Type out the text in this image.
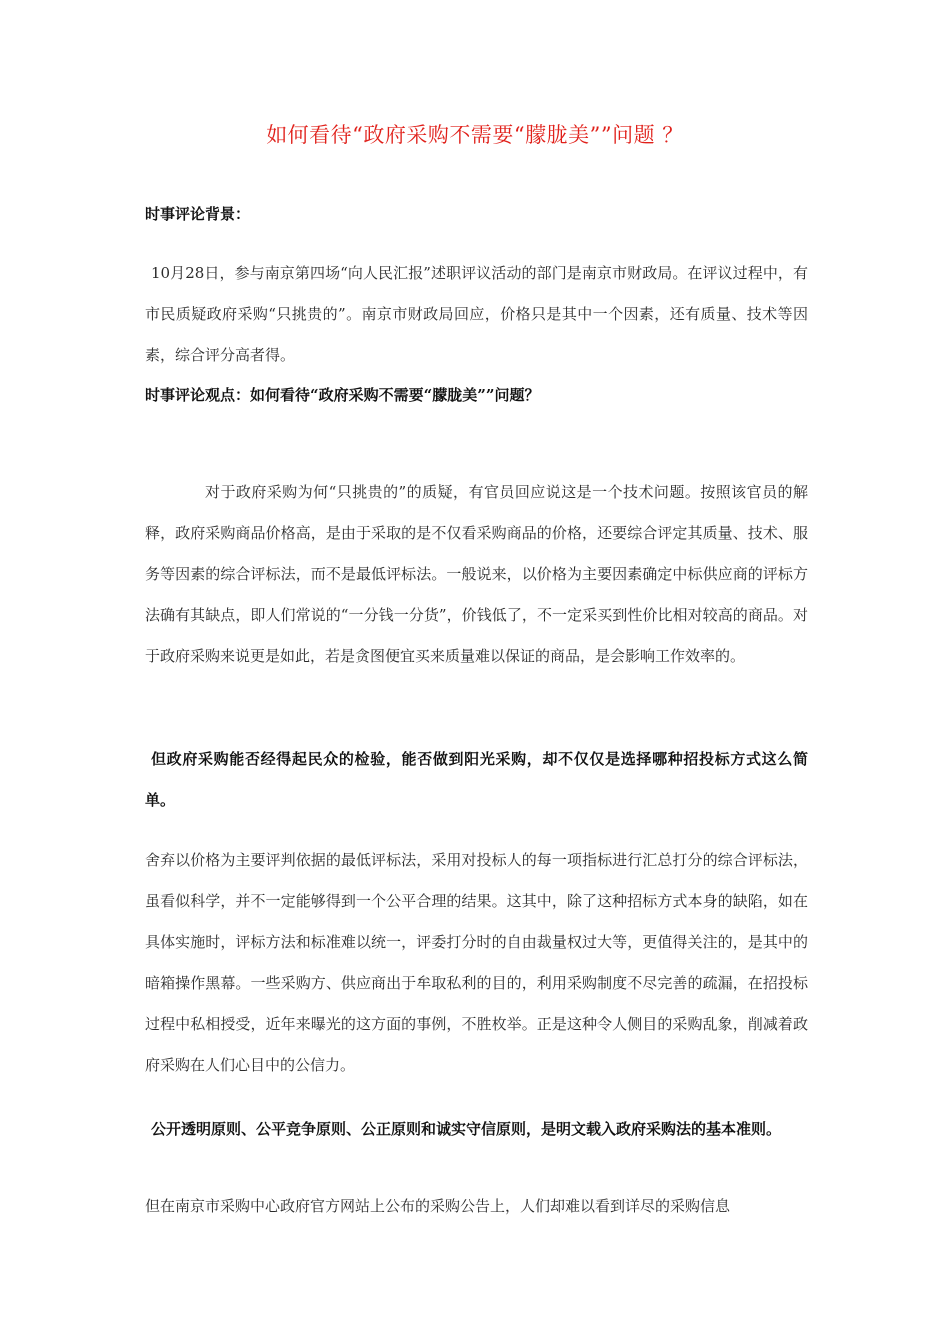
如何看待“政府采购不需要“朦胧美””问题 ？
时事评论背景：
10月28日，参与南京第四场“向人民汇报”述职评议活动的部门是南京市财政局。在评议过程中，有市民质疑政府采购“只挑贵的”。南京市财政局回应，价格只是其中一个因素，还有质量、技术等因素，综合评分高者得。
时事评论观点：如何看待“政府采购不需要“朦胧美””问题？
对于政府采购为何“只挑贵的”的质疑，有官员回应说这是一个技术问题。按照该官员的解释，政府采购商品价格高，是由于采取的是不仅看采购商品的价格，还要综合评定其质量、技术、服务等因素的综合评标法，而不是最低评标法。一般说来，以价格为主要因素确定中标供应商的评标方法确有其缺点，即人们常说的“一分钱一分货”，价钱低了，不一定采买到性价比相对较高的商品。对于政府采购来说更是如此，若是贪图便宜买来质量难以保证的商品，是会影响工作效率的。
但政府采购能否经得起民众的检验，能否做到阳光采购，却不仅仅是选择哪种招投标方式这么简单。
舍弃以价格为主要评判依据的最低评标法，采用对投标人的每一项指标进行汇总打分的综合评标法，虽看似科学，并不一定能够得到一个公平合理的结果。这其中，除了这种招标方式本身的缺陷，如在具体实施时，评标方法和标准难以统一，评委打分时的自由裁量权过大等，更值得关注的，是其中的暗箱操作黑幕。一些采购方、供应商出于牟取私利的目的，利用采购制度不尽完善的疏漏，在招投标过程中私相授受，近年来曝光的这方面的事例，不胜枚举。正是这种令人侧目的采购乱象，削减着政府采购在人们心目中的公信力。
公开透明原则、公平竞争原则、公正原则和诚实守信原则，是明文载入政府采购法的基本准则。
但在南京市采购中心政府官方网站上公布的采购公告上，人们却难以看到详尽的采购信息
